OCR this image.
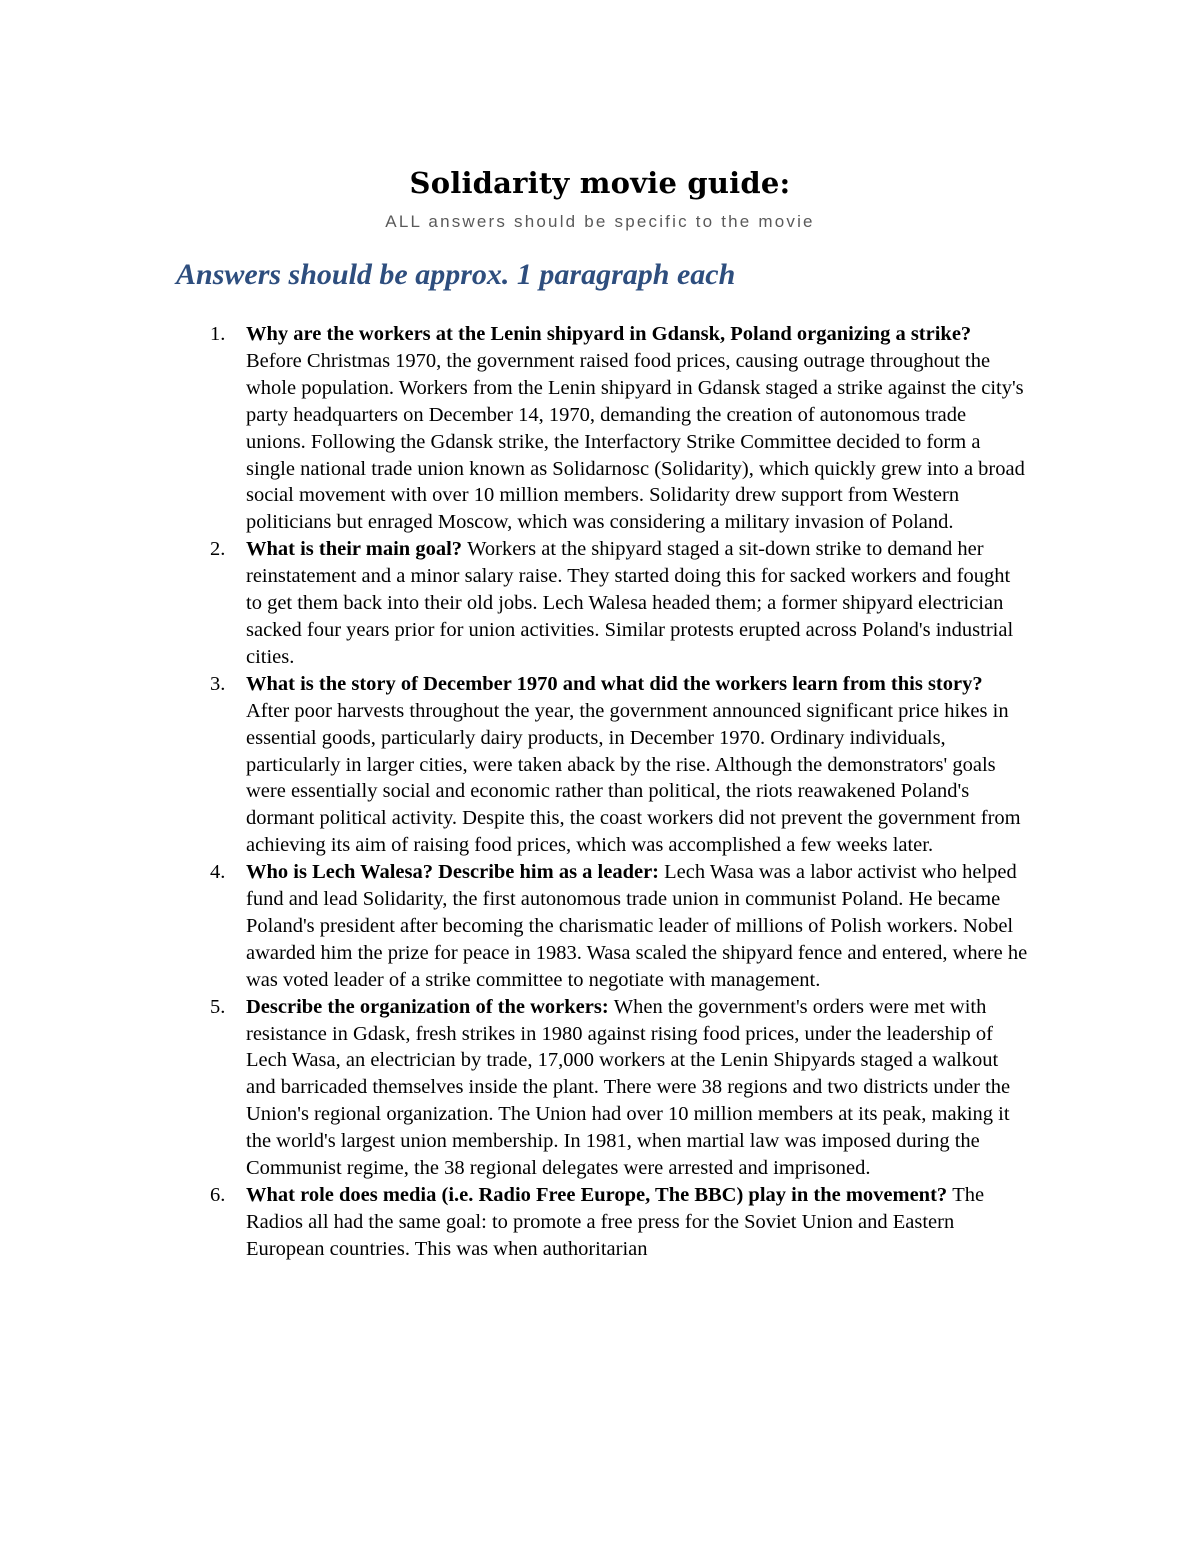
Solidarity movie guide:
ALL answers should be specific to the movie
Answers should be approx. 1 paragraph each
1. Why are the workers at the Lenin shipyard in Gdansk, Poland organizing a strike? Before Christmas 1970, the government raised food prices, causing outrage throughout the whole population. Workers from the Lenin shipyard in Gdansk staged a strike against the city's party headquarters on December 14, 1970, demanding the creation of autonomous trade unions. Following the Gdansk strike, the Interfactory Strike Committee decided to form a single national trade union known as Solidarnosc (Solidarity), which quickly grew into a broad social movement with over 10 million members. Solidarity drew support from Western politicians but enraged Moscow, which was considering a military invasion of Poland.
2. What is their main goal? Workers at the shipyard staged a sit-down strike to demand her reinstatement and a minor salary raise. They started doing this for sacked workers and fought to get them back into their old jobs. Lech Walesa headed them; a former shipyard electrician sacked four years prior for union activities. Similar protests erupted across Poland's industrial cities.
3. What is the story of December 1970 and what did the workers learn from this story? After poor harvests throughout the year, the government announced significant price hikes in essential goods, particularly dairy products, in December 1970. Ordinary individuals, particularly in larger cities, were taken aback by the rise. Although the demonstrators' goals were essentially social and economic rather than political, the riots reawakened Poland's dormant political activity. Despite this, the coast workers did not prevent the government from achieving its aim of raising food prices, which was accomplished a few weeks later.
4. Who is Lech Walesa? Describe him as a leader: Lech Wasa was a labor activist who helped fund and lead Solidarity, the first autonomous trade union in communist Poland. He became Poland's president after becoming the charismatic leader of millions of Polish workers. Nobel awarded him the prize for peace in 1983. Wasa scaled the shipyard fence and entered, where he was voted leader of a strike committee to negotiate with management.
5. Describe the organization of the workers: When the government's orders were met with resistance in Gdask, fresh strikes in 1980 against rising food prices, under the leadership of Lech Wasa, an electrician by trade, 17,000 workers at the Lenin Shipyards staged a walkout and barricaded themselves inside the plant. There were 38 regions and two districts under the Union's regional organization. The Union had over 10 million members at its peak, making it the world's largest union membership. In 1981, when martial law was imposed during the Communist regime, the 38 regional delegates were arrested and imprisoned.
6. What role does media (i.e. Radio Free Europe, The BBC) play in the movement? The Radios all had the same goal: to promote a free press for the Soviet Union and Eastern European countries. This was when authoritarian
